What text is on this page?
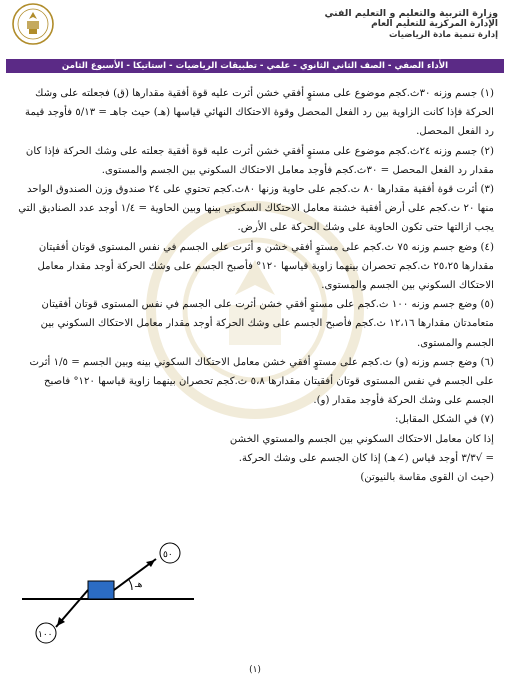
وزارة التربية والتعليم و التعليم الفني
الإدارة المركزية للتعليم العام
إدارة تنمية مادة الرياضيات
الأداء الصفي - الصف الثاني الثانوي - علمي - تطبيقات الرياضيات - استاتيكا - الأسبوع الثامن

(١) جسم وزنه ٣٠ث.كجم موضوع على مستوٍ أفقي خشن أثرت عليه قوة أفقية مقدارها (ق) فجعلته على وشك الحركة فإذا كانت الزاوية بين رد الفعل المحصل وقوة الاحتكاك النهائي قياسها (هـ) حيث جاهـ = ٥/١٣ فأوجد قيمة رد الفعل المحصل.

(٢) جسم وزنه ٢٤ث.كجم موضوع على مستوٍ أفقي خشن أثرت عليه قوة أفقية جعلته على وشك الحركة فإذا كان مقدار رد الفعل المحصل = ٣٠ث.كجم فأوجد معامل الاحتكاك السكوني بين الجسم والمستوى.

(٣) أثرت قوة أفقية مقدارها ٨٠ ث.كجم على حاوية وزنها ٨٠ث.كجم تحتوي على ٢٤ صندوق وزن الصندوق الواحد منها ٢٠ ث.كجم على أرض أفقية خشنة معامل الاحتكاك السكوني بينها وبين الحاوية = ١/٤ أوجد عدد الصناديق التي يجب ازالتها حتى تكون الحاوية على وشك الحركة على الأرض.

(٤) وضع جسم وزنه ٧٥ ث.كجم على مستوٍ أفقي خشن و أثرت على الجسم في نفس المستوى قوتان أفقيتان مقدارها ٢٥،٢٥ ث.كجم تحصران بينهما زاوية قياسها ١٢٠° فأصبح الجسم على وشك الحركة أوجد مقدار معامل الاحتكاك السكوني بين الجسم والمستوى.

(٥) وضع جسم وزنه ١٠٠ ث.كجم على مستوٍ أفقي خشن أثرت على الجسم في نفس المستوى قوتان أفقيتان متعامدتان مقدارها ١٢،١٦ ث.كجم فأصبح الجسم على وشك الحركة أوجد مقدار معامل الاحتكاك السكوني بين الجسم والمستوى.

(٦) وضع جسم وزنه (و) ث.كجم على مستوٍ أفقي خشن معامل الاحتكاك السكوني بينه وبين الجسم = ١/٥ أثرت على الجسم في نفس المستوى قوتان أفقيتان مقدارها ٥،٨ ث.كجم تحصران بينهما زاوية قياسها ١٢٠° فاصبح الجسم على وشك الحركة فأوجد مقدار (و).

(٧) في الشكل المقابل:

إذا كان معامل الاحتكاك السكوني بين الجسم والمستوي الخشن

= √٣/٣ أوجد قياس (∠هـ) إذا كان الجسم على وشك الحركة.

(حيث ان القوى مقاسة بالنيوتن)

هـ
٥٠
١٠٠
(١)
